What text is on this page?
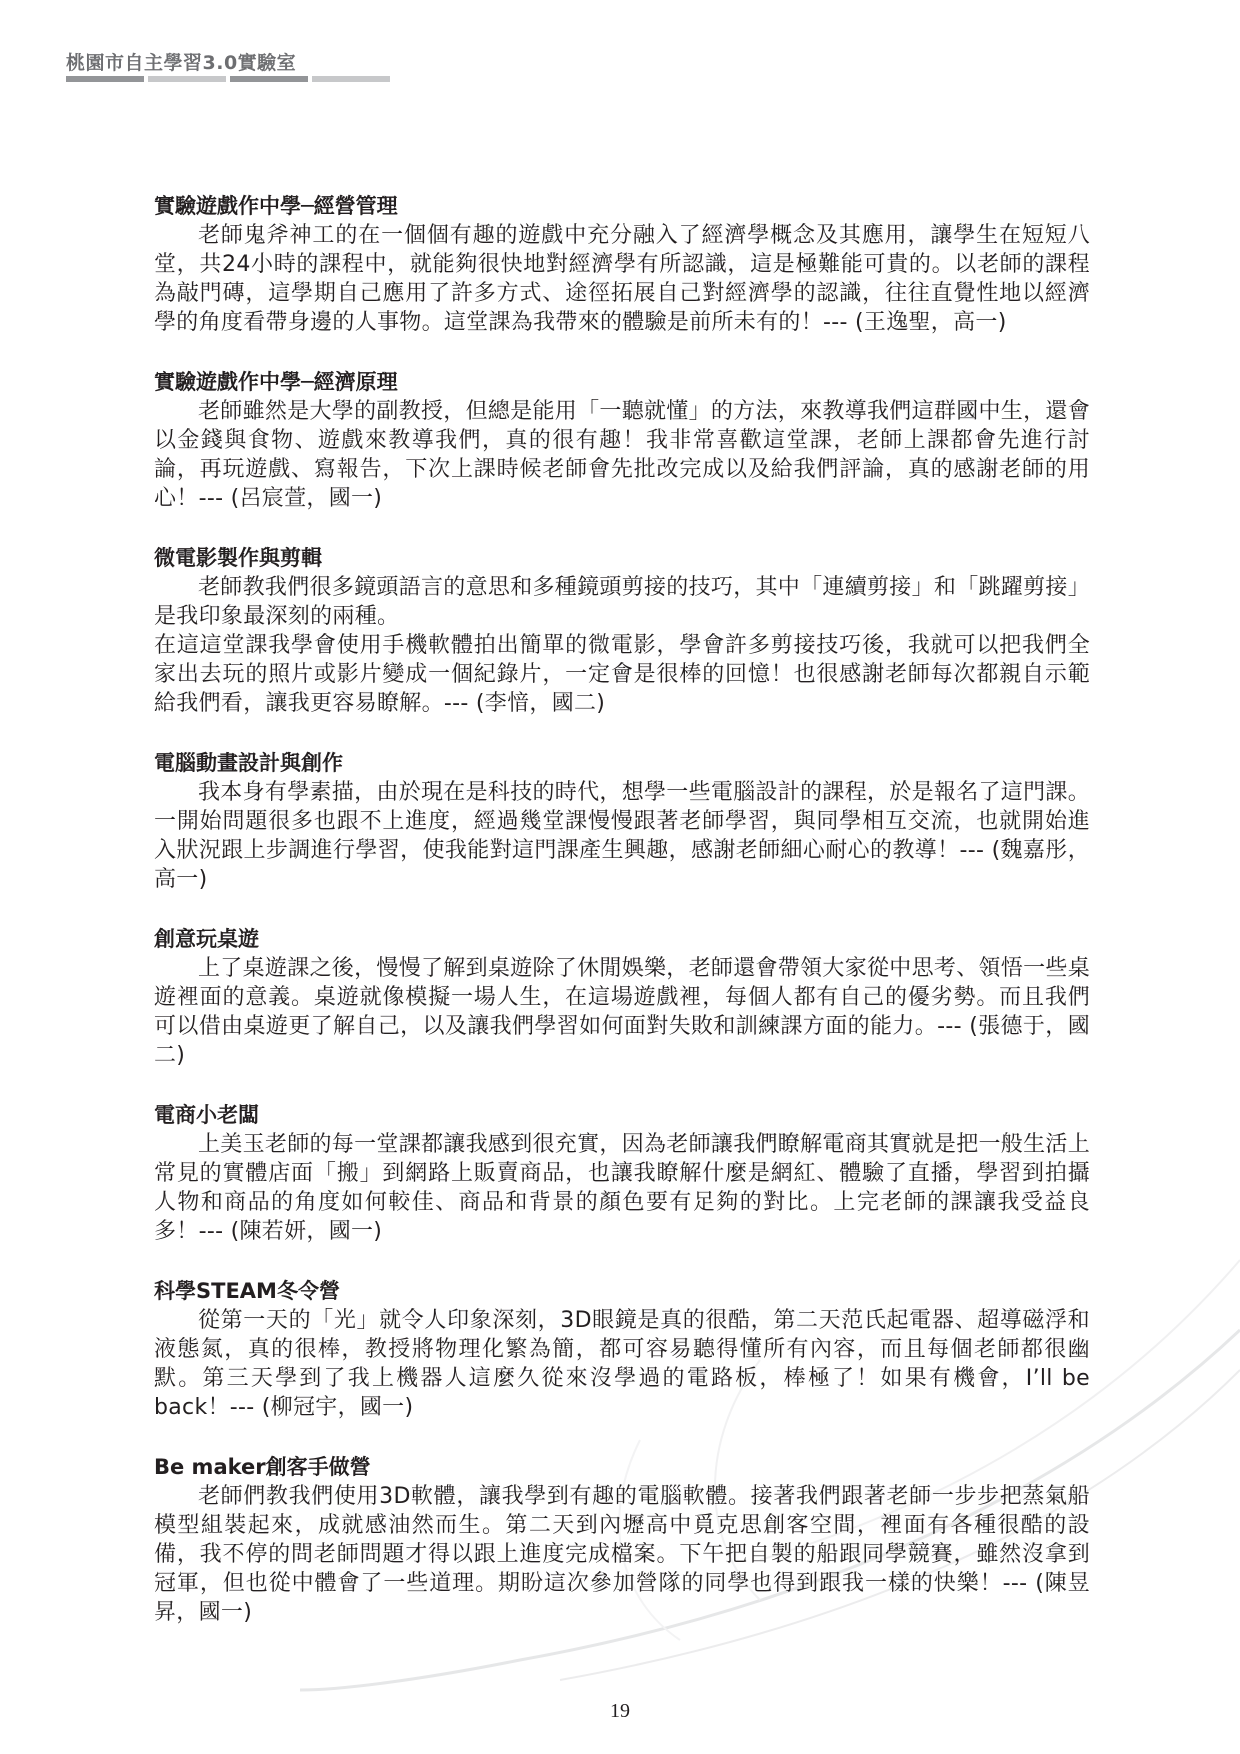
桃園市自主學習3.0實驗室
實驗遊戲作中學─經營管理

老師鬼斧神工的在一個個有趣的遊戲中充分融入了經濟學概念及其應用，讓學生在短短八堂，共24小時的課程中，就能夠很快地對經濟學有所認識，這是極難能可貴的。以老師的課程為敲門磚，這學期自己應用了許多方式、途徑拓展自己對經濟學的認識，往往直覺性地以經濟學的角度看帶身邊的人事物。這堂課為我帶來的體驗是前所未有的！--- (王逸聖，高一)

實驗遊戲作中學─經濟原理

老師雖然是大學的副教授，但總是能用「一聽就懂」的方法，來教導我們這群國中生，還會以金錢與食物、遊戲來教導我們，真的很有趣！我非常喜歡這堂課，老師上課都會先進行討論，再玩遊戲、寫報告，下次上課時候老師會先批改完成以及給我們評論，真的感謝老師的用心！--- (呂宸萱，國一)

微電影製作與剪輯

老師教我們很多鏡頭語言的意思和多種鏡頭剪接的技巧，其中「連續剪接」和「跳躍剪接」是我印象最深刻的兩種。

在這這堂課我學會使用手機軟體拍出簡單的微電影，學會許多剪接技巧後，我就可以把我們全家出去玩的照片或影片變成一個紀錄片，一定會是很棒的回憶！也很感謝老師每次都親自示範給我們看，讓我更容易瞭解。--- (李愔，國二)

電腦動畫設計與創作

我本身有學素描，由於現在是科技的時代，想學一些電腦設計的課程，於是報名了這門課。一開始問題很多也跟不上進度，經過幾堂課慢慢跟著老師學習，與同學相互交流，也就開始進入狀況跟上步調進行學習，使我能對這門課產生興趣，感謝老師細心耐心的教導！--- (魏嘉彤，高一)

創意玩桌遊

上了桌遊課之後，慢慢了解到桌遊除了休閒娛樂，老師還會帶領大家從中思考、領悟一些桌遊裡面的意義。桌遊就像模擬一場人生，在這場遊戲裡，每個人都有自己的優劣勢。而且我們可以借由桌遊更了解自己，以及讓我們學習如何面對失敗和訓練課方面的能力。--- (張德于，國二)

電商小老闆

上美玉老師的每一堂課都讓我感到很充實，因為老師讓我們瞭解電商其實就是把一般生活上常見的實體店面「搬」到網路上販賣商品，也讓我瞭解什麼是網紅、體驗了直播，學習到拍攝人物和商品的角度如何較佳、商品和背景的顏色要有足夠的對比。上完老師的課讓我受益良多！--- (陳若妍，國一)

科學STEAM冬令營

從第一天的「光」就令人印象深刻，3D眼鏡是真的很酷，第二天范氏起電器、超導磁浮和液態氮，真的很棒，教授將物理化繁為簡，都可容易聽得懂所有內容，而且每個老師都很幽默。第三天學到了我上機器人這麼久從來沒學過的電路板，棒極了！如果有機會，I’ll be back！--- (柳冠宇，國一)

Be maker創客手做營

老師們教我們使用3D軟體，讓我學到有趣的電腦軟體。接著我們跟著老師一步步把蒸氣船模型組裝起來，成就感油然而生。第二天到內壢高中覓克思創客空間，裡面有各種很酷的設備，我不停的問老師問題才得以跟上進度完成檔案。下午把自製的船跟同學競賽，雖然沒拿到冠軍，但也從中體會了一些道理。期盼這次參加營隊的同學也得到跟我一樣的快樂！--- (陳昱昇，國一)

19
